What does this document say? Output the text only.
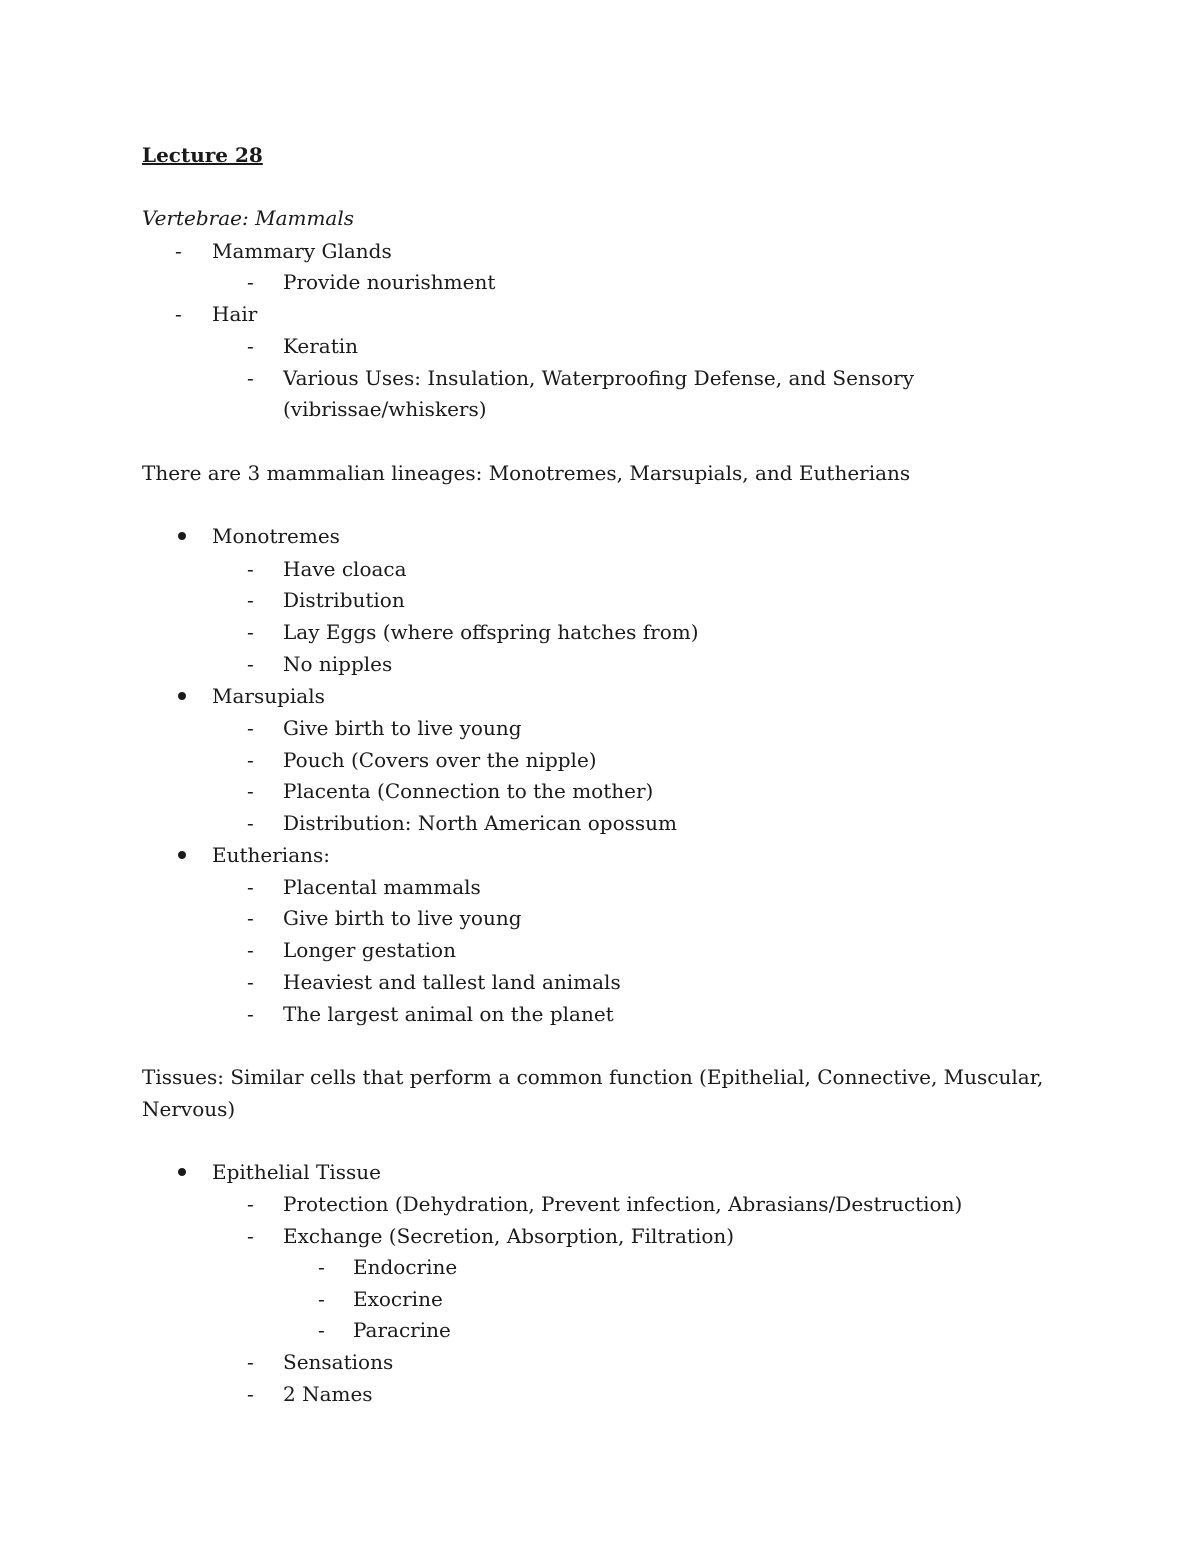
Lecture 28
Vertebrae: Mammals
- Mammary Glands
- Provide nourishment
- Hair
- Keratin
- Various Uses: Insulation, Waterproofing Defense, and Sensory
(vibrissae/whiskers)
There are 3 mammalian lineages: Monotremes, Marsupials, and Eutherians
Monotremes
- Have cloaca
- Distribution
- Lay Eggs (where offspring hatches from)
- No nipples
Marsupials
- Give birth to live young
- Pouch (Covers over the nipple)
- Placenta (Connection to the mother)
- Distribution: North American opossum
Eutherians:
- Placental mammals
- Give birth to live young
- Longer gestation
- Heaviest and tallest land animals
- The largest animal on the planet
Tissues: Similar cells that perform a common function (Epithelial, Connective, Muscular,
Nervous)
Epithelial Tissue
- Protection (Dehydration, Prevent infection, Abrasians/Destruction)
- Exchange (Secretion, Absorption, Filtration)
- Endocrine
- Exocrine
- Paracrine
- Sensations
- 2 Names
